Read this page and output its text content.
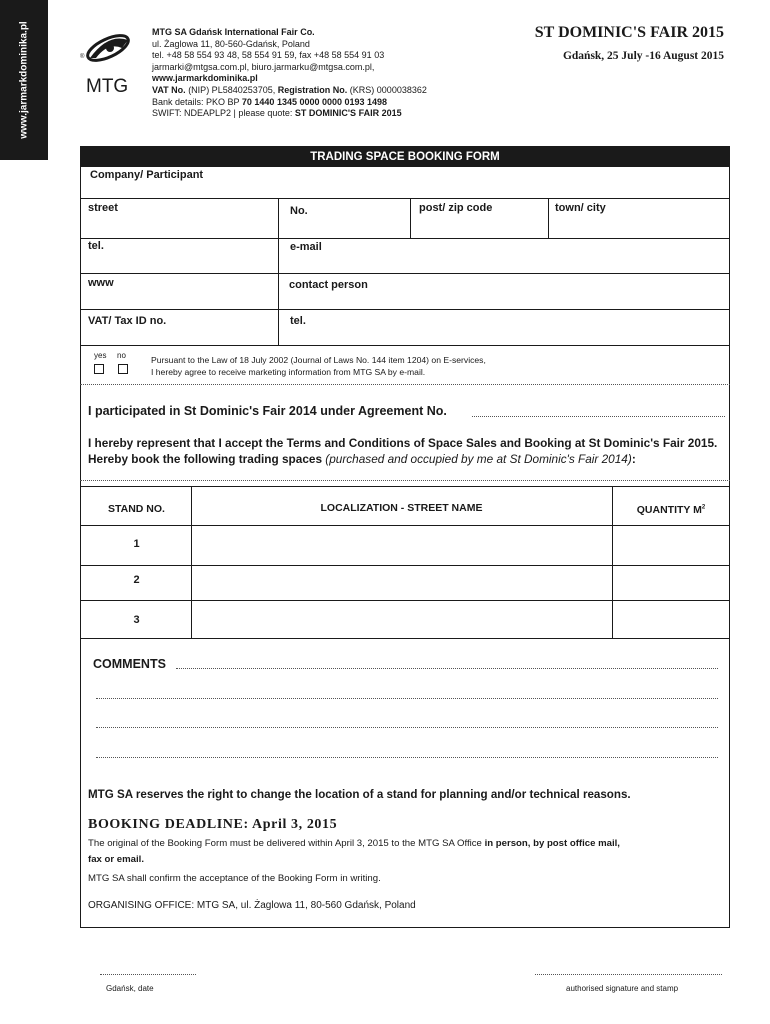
www.jarmarkdominika.pl	MTG
®
MTG SA Gdańsk International Fair Co.
ul. Żaglowa 11, 80-560-Gdańsk, Poland
tel. +48 58 554 93 48, 58 554 91 59, fax +48 58 554 91 03
jarmarki@mtgsa.com.pl, biuro.jarmarku@mtgsa.com.pl,
www.jarmarkdominika.pl
VAT No. (NIP) PL5840253705, Registration No. (KRS) 0000038362
Bank details: PKO BP 70 1440 1345 0000 0000 0193 1498
SWIFT: NDEAPLP2 | please quote: ST DOMINIC'S FAIR 2015
ST DOMINIC'S FAIR 2015
Gdańsk, 25 July -16 August 2015
TRADING SPACE BOOKING FORM
Company/ Participant
street	No.	post/ zip code	town/ city
tel.	e-mail
www	contact person
VAT/ Tax ID no.	tel.
yes no	Pursuant to the Law of 18 July 2002 (Journal of Laws No. 144 item 1204) on E-services,
I hereby agree to receive marketing information from MTG SA by e-mail.
I participated in St Dominic's Fair 2014 under Agreement No.
I hereby represent that I accept the Terms and Conditions of Space Sales and Booking at St Dominic's Fair 2015.
Hereby book the following trading spaces (purchased and occupied by me at St Dominic's Fair 2014):
STAND NO.	LOCALIZATION - STREET NAME	QUANTITY $M^2$
1
2
3
COMMENTS
MTG SA reserves the right to change the location of a stand for planning and/or technical reasons.
BOOKING DEADLINE: April 3, 2015
The original of the Booking Form must be delivered within April 3, 2015 to the MTG SA Office in person, by post office mail,
fax or email.
MTG SA shall confirm the acceptance of the Booking Form in writing.
ORGANISING OFFICE: MTG SA, ul. Żaglowa 11, 80-560 Gdańsk, Poland
Gdańsk, date	authorised signature and stamp
